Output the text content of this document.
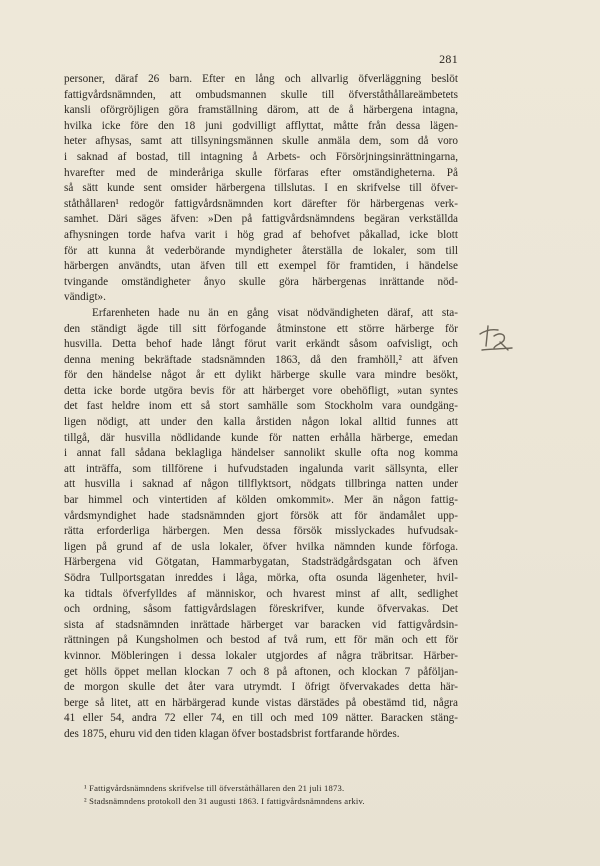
281
personer, däraf 26 barn. Efter en lång och allvarlig öfverläggning beslöt
fattigvårdsnämnden, att ombudsmannen skulle till öfverståthållareämbetets
kansli oförgröjligen göra framställning därom, att de å härbergena intagna,
hvilka icke före den 18 juni godvilligt afflyttat, måtte från dessa lägen-
heter afhysas, samt att tillsyningsmännen skulle anmäla dem, som då voro
i saknad af bostad, till intagning å Arbets- och Försörjningsinrättningarna,
hvarefter med de minderåriga skulle förfaras efter omständigheterna. På
så sätt kunde sent omsider härbergena tillslutas. I en skrifvelse till öfver-
ståthållaren¹ redogör fattigvårdsnämnden kort därefter för härbergenas verk-
samhet. Däri säges äfven: »Den på fattigvårdsnämndens begäran verkställda
afhysningen torde hafva varit i hög grad af behofvet påkallad, icke blott
för att kunna åt vederbörande myndigheter återställa de lokaler, som till
härbergen användts, utan äfven till ett exempel för framtiden, i händelse
tvingande omständigheter ånyo skulle göra härbergenas inrättande nöd-
vändigt».
Erfarenheten hade nu än en gång visat nödvändigheten däraf, att sta-
den ständigt ägde till sitt förfogande åtminstone ett större härberge för
husvilla. Detta behof hade långt förut varit erkändt såsom oafvisligt, och
denna mening bekräftade stadsnämnden 1863, då den framhöll,² att äfven
för den händelse något år ett dylikt härberge skulle vara mindre besökt,
detta icke borde utgöra bevis för att härberget vore obehöfligt, »utan syntes
det fast heldre inom ett så stort samhälle som Stockholm vara oundgäng-
ligen nödigt, att under den kalla årstiden någon lokal alltid funnes att
tillgå, där husvilla nödlidande kunde för natten erhålla härberge, emedan
i annat fall sådana beklagliga händelser sannolikt skulle ofta nog komma
att inträffa, som tillförene i hufvudstaden ingalunda varit sällsynta, eller
att husvilla i saknad af någon tillflyktsort, nödgats tillbringa natten under
bar himmel och vintertiden af kölden omkommit». Mer än någon fattig-
vårdsmyndighet hade stadsnämnden gjort försök att för ändamålet upp-
rätta erforderliga härbergen. Men dessa försök misslyckades hufvudsak-
ligen på grund af de usla lokaler, öfver hvilka nämnden kunde förfoga.
Härbergena vid Götgatan, Hammarbygatan, Stadsträdgårdsgatan och äfven
Södra Tullportsgatan inreddes i låga, mörka, ofta osunda lägenheter, hvil-
ka tidtals öfverfylldes af människor, och hvarest minst af allt, sedlighet
och ordning, såsom fattigvårdslagen föreskrifver, kunde öfvervakas. Det
sista af stadsnämnden inrättade härberget var baracken vid fattigvårdsin-
rättningen på Kungsholmen och bestod af två rum, ett för män och ett för
kvinnor. Möbleringen i dessa lokaler utgjordes af några träbritsar. Härber-
get hölls öppet mellan klockan 7 och 8 på aftonen, och klockan 7 påföljan-
de morgon skulle det åter vara utrymdt. I öfrigt öfvervakades detta här-
berge så litet, att en härbärgerad kunde vistas därstädes på obestämd tid, några
41 eller 54, andra 72 eller 74, en till och med 109 nätter. Baracken stäng-
des 1875, ehuru vid den tiden klagan öfver bostadsbrist fortfarande hördes.
¹ Fattigvårdsnämndens skrifvelse till öfverståthållaren den 21 juli 1873.
² Stadsnämndens protokoll den 31 augusti 1863. I fattigvårdsnämndens arkiv.
